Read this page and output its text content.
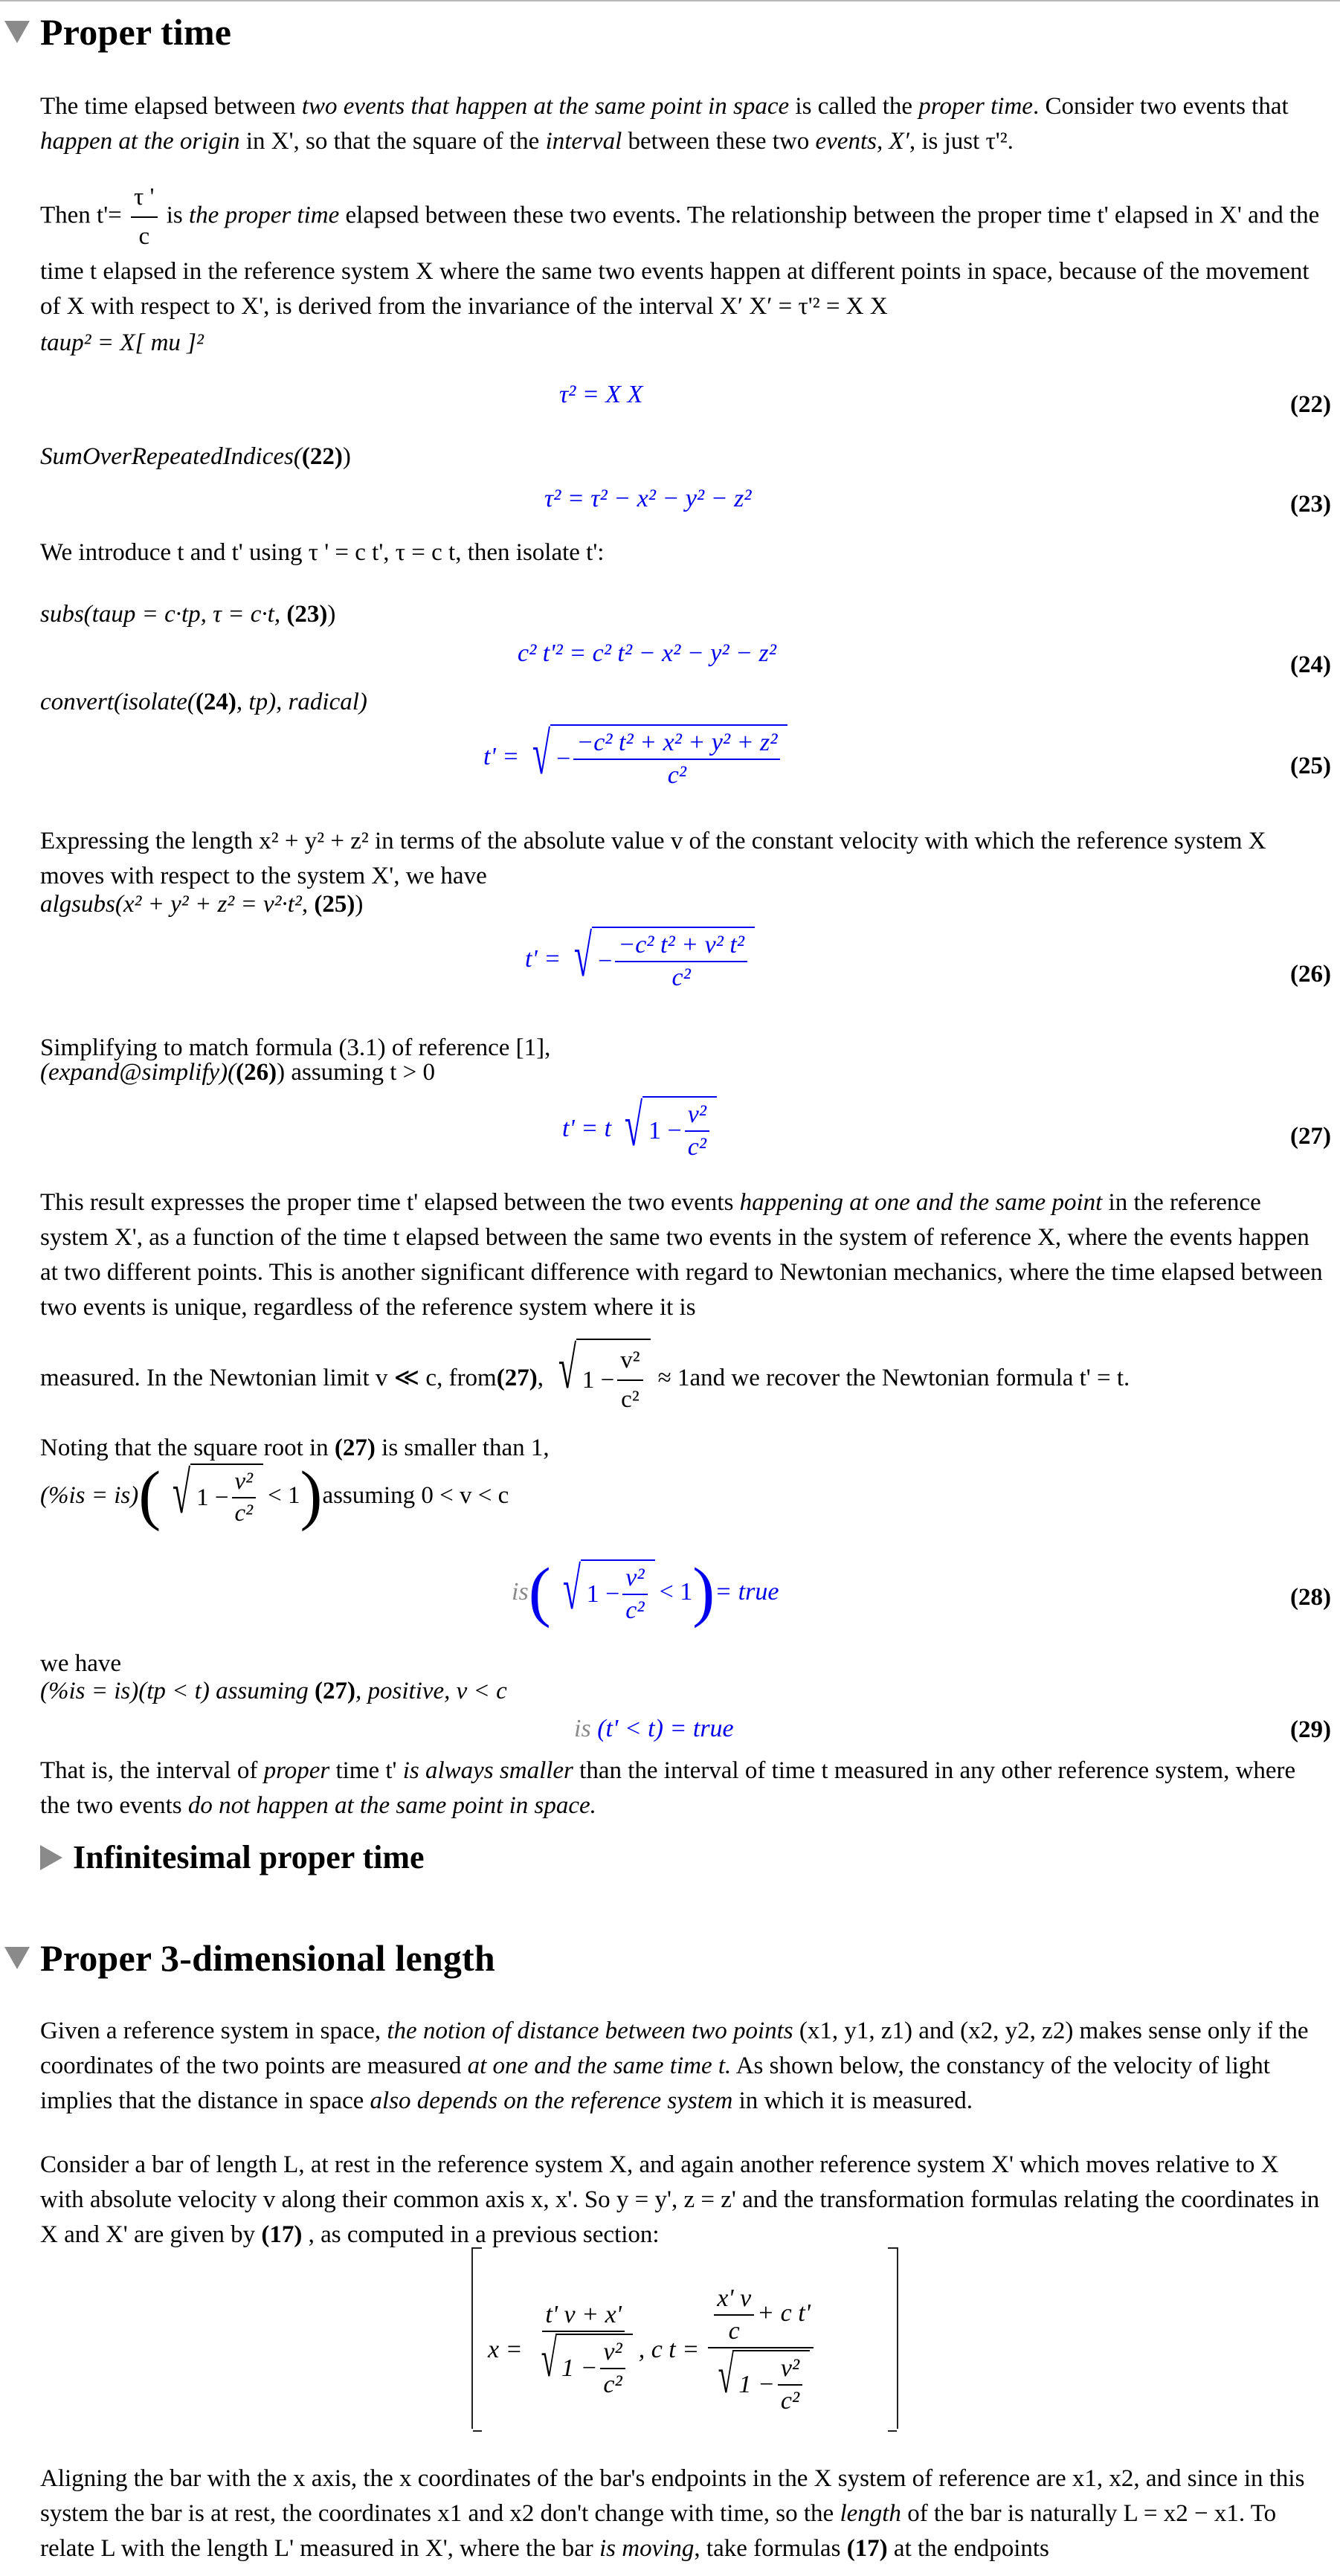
Proper time
The time elapsed between two events that happen at the same point in space is called the proper time. Consider two events that happen at the origin in X', so that the square of the interval between these two events, X′, is just τ'².
Then $t'= \frac{\tau '}{c}$ is the proper time elapsed between these two events. The relationship between the proper time t' elapsed in X' and the time t elapsed in the reference system X where the same two events happen at different points in space, because of the movement of X with respect to X', is derived from the invariance of the interval X′ X′ = τ'² = X X
taup² = X[ mu ]²
τ² = X X	(22)
SumOverRepeatedIndices((22))
τ² = τ² − x² − y² − z²	(23)
We introduce t and t' using τ ' = c t', τ = c t, then isolate t':
subs(taup = c·tp, τ = c·t, (23))
c² t'² = c² t² − x² − y² − z²	(24)
convert(isolate((24), tp), radical)
t' = √ − $\frac{\text{−c² t² + x² + y² + z²}}{\text{c²}}$	(25)
Expressing the length x² + y² + z² in terms of the absolute value v of the constant velocity with which the reference system X moves with respect to the system X', we have
algsubs(x² + y² + z² = v²·t², (25))
t' = √ − $\frac{\text{−c² t² + v² t²}}{\text{c²}}$	(26)
Simplifying to match formula (3.1) of reference [1],
(expand@simplify)((26)) assuming t > 0
t' = t √ $1 - \frac{\text{v²}}{\text{c²}}$	(27)
This result expresses the proper time t' elapsed between the two events happening at one and the same point in the reference system X', as a function of the time t elapsed between the same two events in the system of reference X, where the events happen at two different points. This is another significant difference with regard to Newtonian mechanics, where the time elapsed between two events is unique, regardless of the reference system where it is
measured. In the Newtonian limit v ≪ c, from (27) , √ $1 - \frac{\text{v²}}{\text{c²}} \approx 1and$ we recover the Newtonian formula t' = t.
Noting that the square root in (27) is smaller than 1,
(%is = is) ( √ $1 - \frac{\text{v²}}{\text{c²}} < 1$ ) assuming 0 < v < c
is ( √ $1 - \frac{\text{v²}}{\text{c²}} < 1$ ) = true	(28)
we have
(%is = is)(tp < t) assuming (27), positive, v < c
is (t' < t) = true	(29)
That is, the interval of proper time t' is always smaller than the interval of time t measured in any other reference system, where the two events do not happen at the same point in space.
Infinitesimal proper time
Proper 3-dimensional length
Given a reference system in space, the notion of distance between two points (x1, y1, z1) and (x2, y2, z2) makes sense only if the coordinates of the two points are measured at one and the same time t. As shown below, the constancy of the velocity of light implies that the distance in space also depends on the reference system in which it is measured.
Consider a bar of length L, at rest in the reference system X, and again another reference system X' which moves relative to X with absolute velocity v along their common axis x, x'. So y = y', z = z' and the transformation formulas relating the coordinates in X and X' are given by (17) , as computed in a previous section:
$x = \frac{t' v + x'}{√ 1 - \frac{\text{v²}}{\text{c²}}}$ , c $t = \frac{\frac{x' v}{c} + c t'}{√ 1 - \frac{\text{v²}}{\text{c²}}}$
Aligning the bar with the x axis, the x coordinates of the bar's endpoints in the X system of reference are x1, x2, and since in this system the bar is at rest, the coordinates x1 and x2 don't change with time, so the length of the bar is naturally L = x2 − x1. To relate L with the length L' measured in X', where the bar is moving, take formulas (17) at the endpoints
